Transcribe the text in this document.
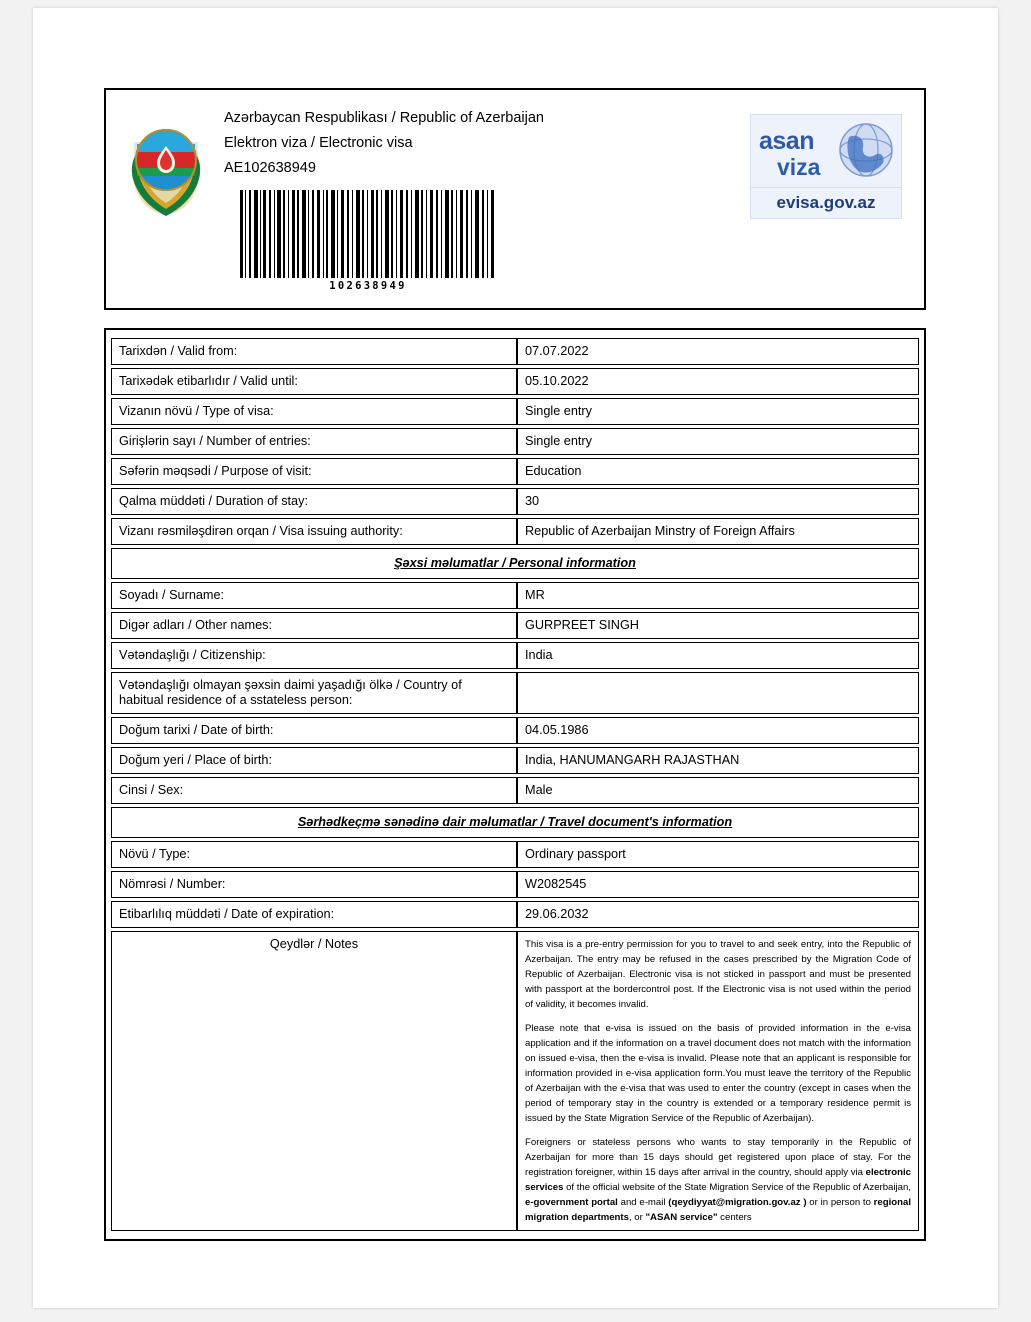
Azərbaycan Respublikası / Republic of Azerbaijan
Elektron viza / Electronic visa
AE102638949
102638949
asan
viza
evisa.gov.az
Tarixdən / Valid from:	07.07.2022
Tarixədək etibarlıdır / Valid until:	05.10.2022
Vizanın növü / Type of visa:	Single entry
Girişlərin sayı / Number of entries:	Single entry
Səfərin məqsədi / Purpose of visit:	Education
Qalma müddəti / Duration of stay:	30
Vizanı rəsmiləşdirən orqan / Visa issuing authority:	Republic of Azerbaijan Minstry of Foreign Affairs
Şəxsi məlumatlar / Personal information	
Soyadı / Surname:	MR
Digər adları / Other names:	GURPREET SINGH
Vətəndaşlığı / Citizenship:	India
Vətəndaşlığı olmayan şəxsin daimi yaşadığı ölkə / Country of habitual residence of a sstateless person:	
Doğum tarixi / Date of birth:	04.05.1986
Doğum yeri / Place of birth:	India, HANUMANGARH RAJASTHAN
Cinsi / Sex:	Male
Sərhədkeçmə sənədinə dair məlumatlar / Travel document's information	
Növü / Type:	Ordinary passport
Nömrəsi / Number:	W2082545
Etibarlılıq müddəti / Date of expiration:	29.06.2032
Qeydlər / Notes	This visa is a pre-entry permission for you to travel to and seek entry, into the Republic of Azerbaijan. The entry may be refused in the cases prescribed by the Migration Code of Republic of Azerbaijan. Electronic visa is not sticked in passport and must be presented with passport at the bordercontrol post. If the Electronic visa is not used within the period of validity, it becomes invalid.

Please note that e-visa is issued on the basis of provided information in the e-visa application and if the information on a travel document does not match with the information on issued e-visa, then the e-visa is invalid. Please note that an applicant is responsible for information provided in e-visa application form.You must leave the territory of the Republic of Azerbaijan with the e-visa that was used to enter the country (except in cases when the period of temporary stay in the country is extended or a temporary residence permit is issued by the State Migration Service of the Republic of Azerbaijan).

Foreigners or stateless persons who wants to stay temporarily in the Republic of Azerbaijan for more than 15 days should get registered upon place of stay. For the registration foreigner, within 15 days after arrival in the country, should apply via electronic services of the official website of the State Migration Service of the Republic of Azerbaijan, e-government portal and e-mail (qeydiyyat@migration.gov.az ) or in person to regional migration departments, or "ASAN service" centers
